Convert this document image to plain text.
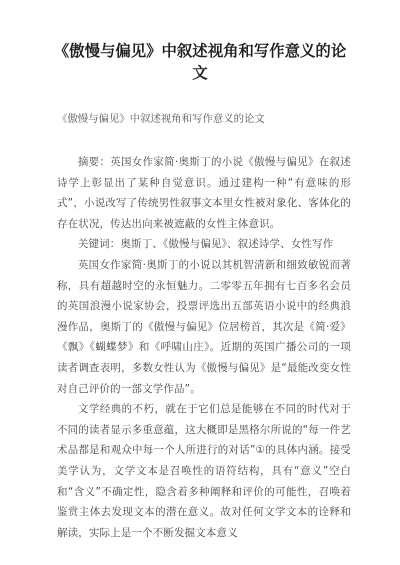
《傲慢与偏见》中叙述视角和写作意义的论文

《傲慢与偏见》中叙述视角和写作意义的论文

摘要：英国女作家简·奥斯丁的小说《傲慢与偏见》在叙述诗学上彰显出了某种自觉意识。通过建构一种“有意味的形式”，小说改写了传统男性叙事文本里女性被对象化、客体化的存在状况，传达出向来被遮蔽的女性主体意识。

关键词：奥斯丁、《傲慢与偏见》、叙述诗学、女性写作

英国女作家简·奥斯丁的小说以其机智清新和细致敏锐而著称，具有超越时空的永恒魅力。二零零五年拥有七百多名会员的英国浪漫小说家协会，投票评选出五部英语小说中的经典浪漫作品，奥斯丁的《傲慢与偏见》位居榜首，其次是《简·爱》《飘》《蝴蝶梦》和《呼啸山庄》。近期的英国广播公司的一项读者调查表明，多数女性认为《傲慢与偏见》是“最能改变女性对自己评价的一部文学作品”。

文学经典的不朽，就在于它们总是能够在不同的时代对于不同的读者显示多重意蕴，这大概即是黑格尔所说的“每一件艺术品都是和观众中每一个人所进行的对话”①的具体内涵。接受美学认为，文学文本是召唤性的语符结构，具有“意义”空白和“含义”不确定性，隐含着多种阐释和评价的可能性，召唤着鉴赏主体去发现文本的潜在意义。故对任何文学文本的诠释和解读，实际上是一个不断发掘文本意义
